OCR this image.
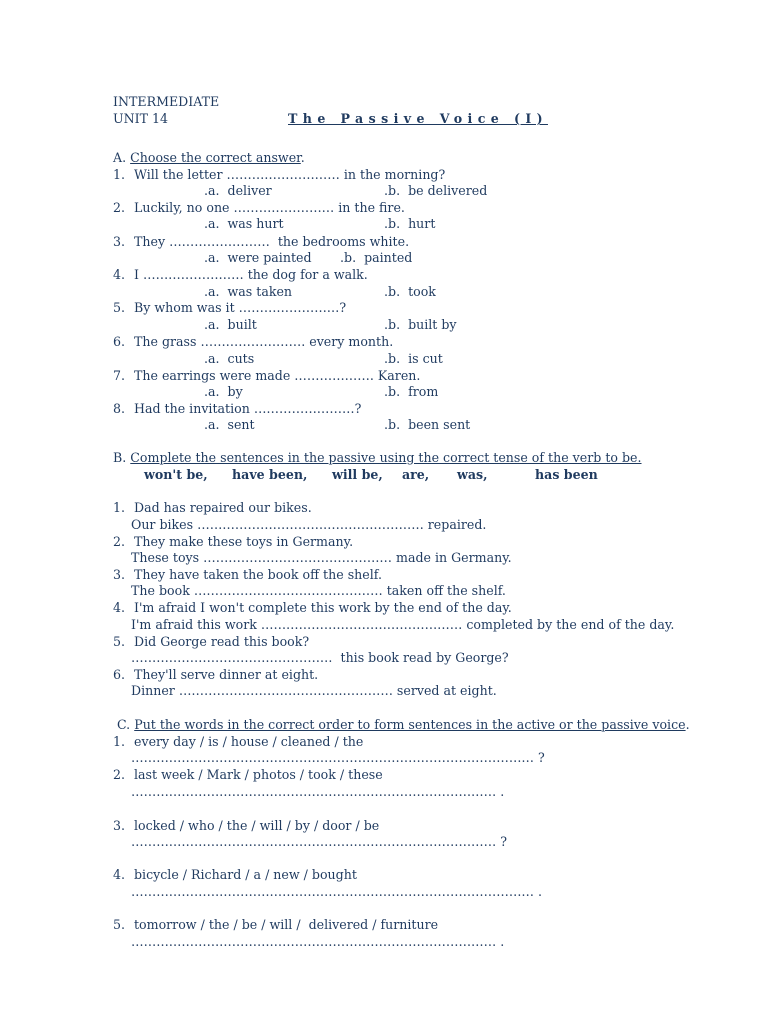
INTERMEDIATE
UNIT 14	The Passive Voice (I)
A. Choose the correct answer.
1. Will the letter ……………………… in the morning?
.a.  deliver	.b.  be delivered
2. Luckily, no one …………………… in the fire.
.a.  was hurt	.b.  hurt
3. They ……………………  the bedrooms white.
.a.  were painted .b.  painted
4. I …………………… the dog for a walk.
.a.  was taken	.b.  took
5. By whom was it ……………………?
.a.  built	.b.  built by
6. The grass ……………………. every month.
.a.  cuts	.b.  is cut
7. The earrings were made ………………. Karen.
.a.  by	.b.  from
8. Had the invitation ……………………?
.a.  sent	.b.  been sent
B. Complete the sentences in the passive using the correct tense of the verb to be.
won't be, have been, will be, are, was,	has been
1. Dad has repaired our bikes.
Our bikes ……………………………………………… repaired.
2. They make these toys in Germany.
These toys ……………………………………… made in Germany.
3. They have taken the book off the shelf.
The book ……………………………………… taken off the shelf.
4. I'm afraid I won't complete this work by the end of the day.
I'm afraid this work ………………………………………… completed by the end of the day.
5. Did George read this book?
…………………………………………  this book read by George?
6. They'll serve dinner at eight.
Dinner …………………………………………… served at eight.
C. Put the words in the correct order to form sentences in the active or the passive voice.
1. every day / is / house / cleaned / the
…………………………………………………………………………………… ?
2. last week / Mark / photos / took / these
…………………………………………………………………………… .
3. locked / who / the / will / by / door / be
…………………………………………………………………………… ?
4. bicycle / Richard / a / new / bought
…………………………………………………………………………………… .
5. tomorrow / the / be / will /  delivered / furniture
…………………………………………………………………………… .
